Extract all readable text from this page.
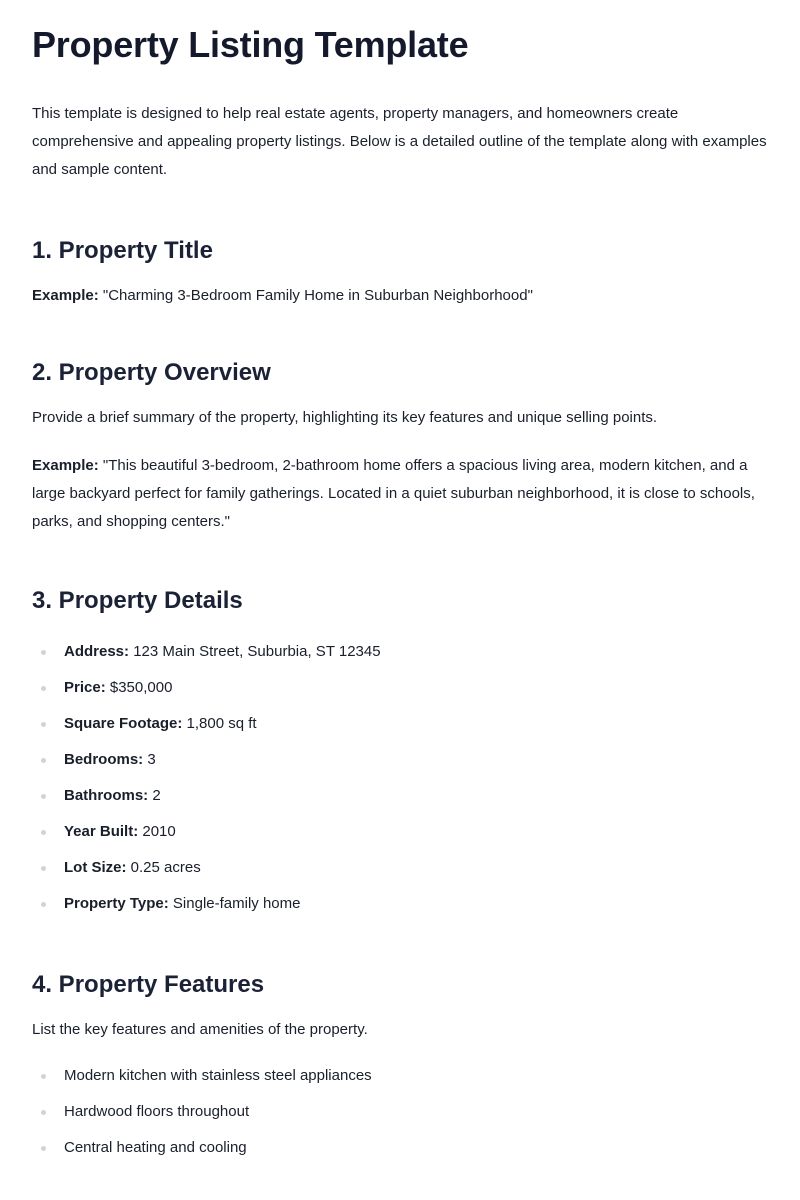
Property Listing Template

This template is designed to help real estate agents, property managers, and homeowners create comprehensive and appealing property listings. Below is a detailed outline of the template along with examples and sample content.

1. Property Title

Example: "Charming 3-Bedroom Family Home in Suburban Neighborhood"

2. Property Overview

Provide a brief summary of the property, highlighting its key features and unique selling points.

Example: "This beautiful 3-bedroom, 2-bathroom home offers a spacious living area, modern kitchen, and a large backyard perfect for family gatherings. Located in a quiet suburban neighborhood, it is close to schools, parks, and shopping centers."

3. Property Details
Address: 123 Main Street, Suburbia, ST 12345
Price: $350,000
Square Footage: 1,800 sq ft
Bedrooms: 3
Bathrooms: 2
Year Built: 2010
Lot Size: 0.25 acres
Property Type: Single-family home
4. Property Features

List the key features and amenities of the property.

Modern kitchen with stainless steel appliances
Hardwood floors throughout
Central heating and cooling
